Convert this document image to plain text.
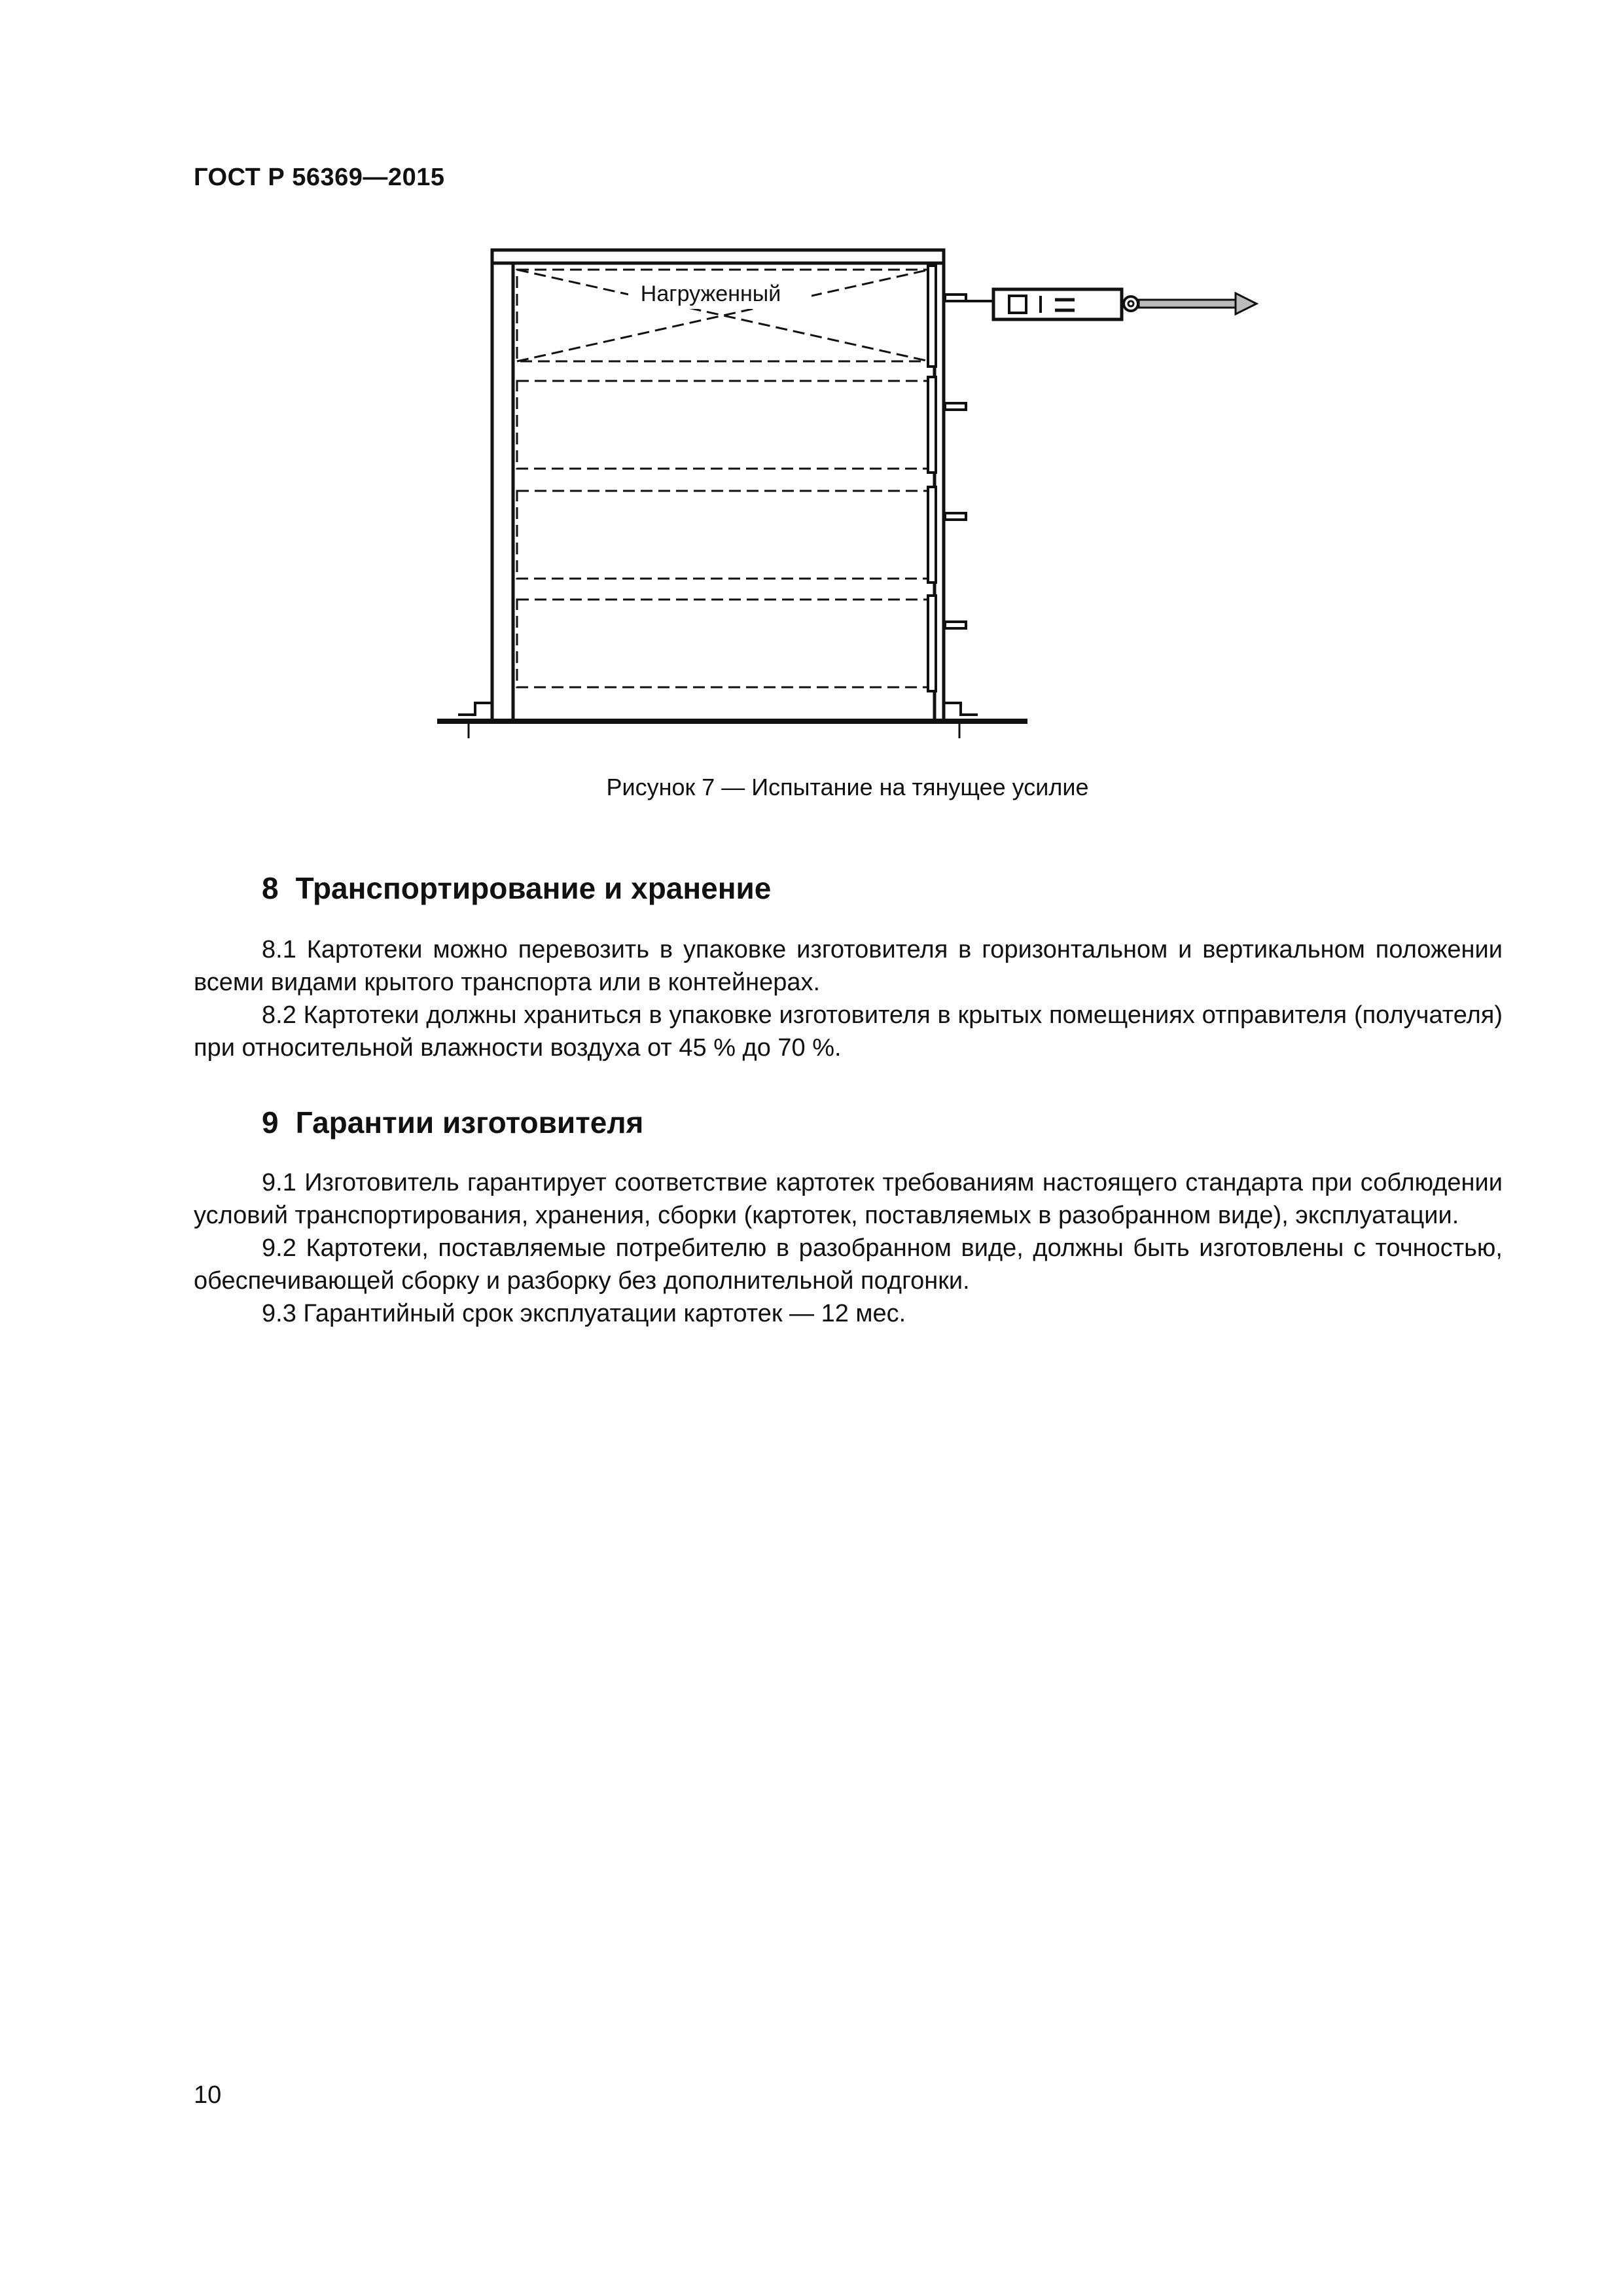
ГОСТ Р 56369—2015
Нагруженный
Рисунок 7 — Испытание на тянущее усилие
8 Транспортирование и хранение

8.1 Картотеки можно перевозить в упаковке изготовителя в горизонтальном и вертикальном положении всеми видами крытого транспорта или в контейнерах.

8.2 Картотеки должны храниться в упаковке изготовителя в крытых помещениях отправителя (получателя) при относительной влажности воздуха от 45 % до 70 %.

9 Гарантии изготовителя

9.1 Изготовитель гарантирует соответствие картотек требованиям настоящего стандарта при соблюдении условий транспортирования, хранения, сборки (картотек, поставляемых в разобранном виде), эксплуатации.

9.2 Картотеки, поставляемые потребителю в разобранном виде, должны быть изготовлены с точностью, обеспечивающей сборку и разборку без дополнительной подгонки.

9.3 Гарантийный срок эксплуатации картотек — 12 мес.

10
